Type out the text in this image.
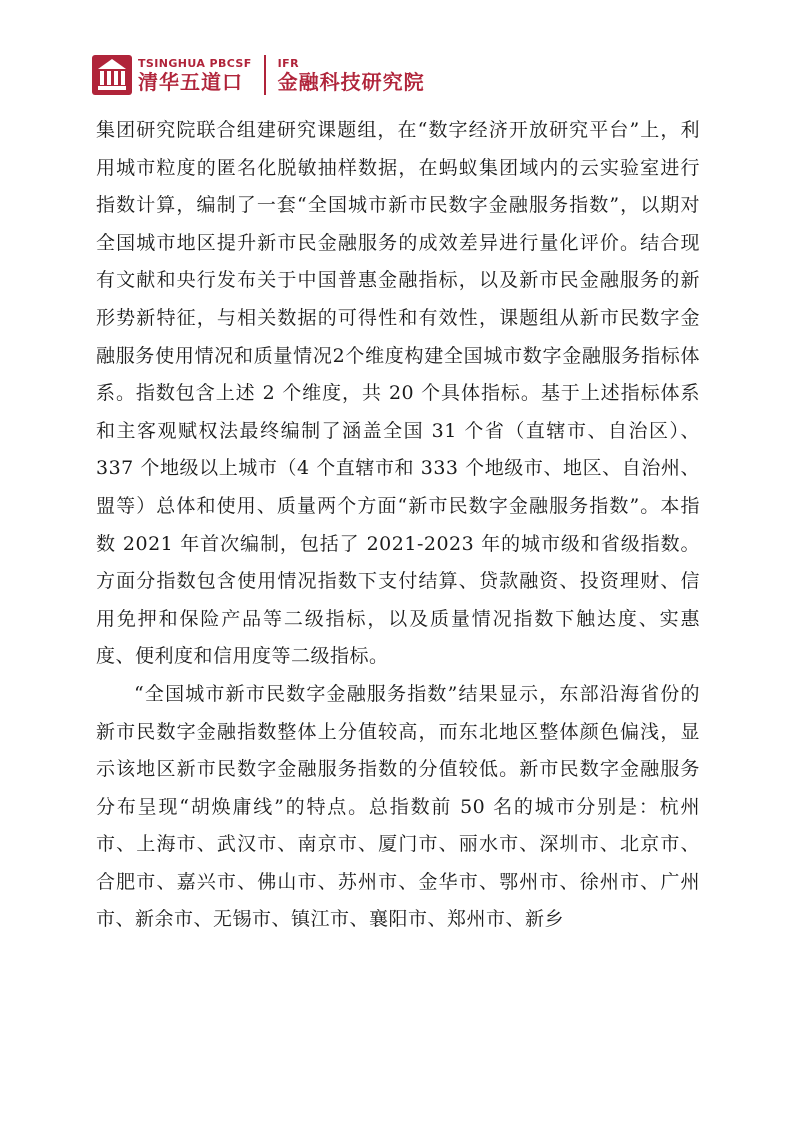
TSINGHUA PBCSF
清华五道口
IFR
金融科技研究院

集团研究院联合组建研究课题组，在“数字经济开放研究平台”上，利用城市粒度的匿名化脱敏抽样数据，在蚂蚁集团域内的云实验室进行指数计算，编制了一套“全国城市新市民数字金融服务指数”，以期对全国城市地区提升新市民金融服务的成效差异进行量化评价。结合现有文献和央行发布关于中国普惠金融指标，以及新市民金融服务的新形势新特征，与相关数据的可得性和有效性，课题组从新市民数字金融服务使用情况和质量情况2个维度构建全国城市数字金融服务指标体系。指数包含上述 2 个维度，共 20 个具体指标。基于上述指标体系和主客观赋权法最终编制了涵盖全国 31 个省（直辖市、自治区）、337 个地级以上城市（4 个直辖市和 333 个地级市、地区、自治州、盟等）总体和使用、质量两个方面“新市民数字金融服务指数”。本指数 2021 年首次编制，包括了 2021-2023 年的城市级和省级指数。方面分指数包含使用情况指数下支付结算、贷款融资、投资理财、信用免押和保险产品等二级指标，以及质量情况指数下触达度、实惠度、便利度和信用度等二级指标。

“全国城市新市民数字金融服务指数”结果显示，东部沿海省份的新市民数字金融指数整体上分值较高，而东北地区整体颜色偏浅，显示该地区新市民数字金融服务指数的分值较低。新市民数字金融服务分布呈现“胡焕庸线”的特点。总指数前 50 名的城市分别是：杭州市、上海市、武汉市、南京市、厦门市、丽水市、深圳市、北京市、合肥市、嘉兴市、佛山市、苏州市、金华市、鄂州市、徐州市、广州市、新余市、无锡市、镇江市、襄阳市、郑州市、新乡
